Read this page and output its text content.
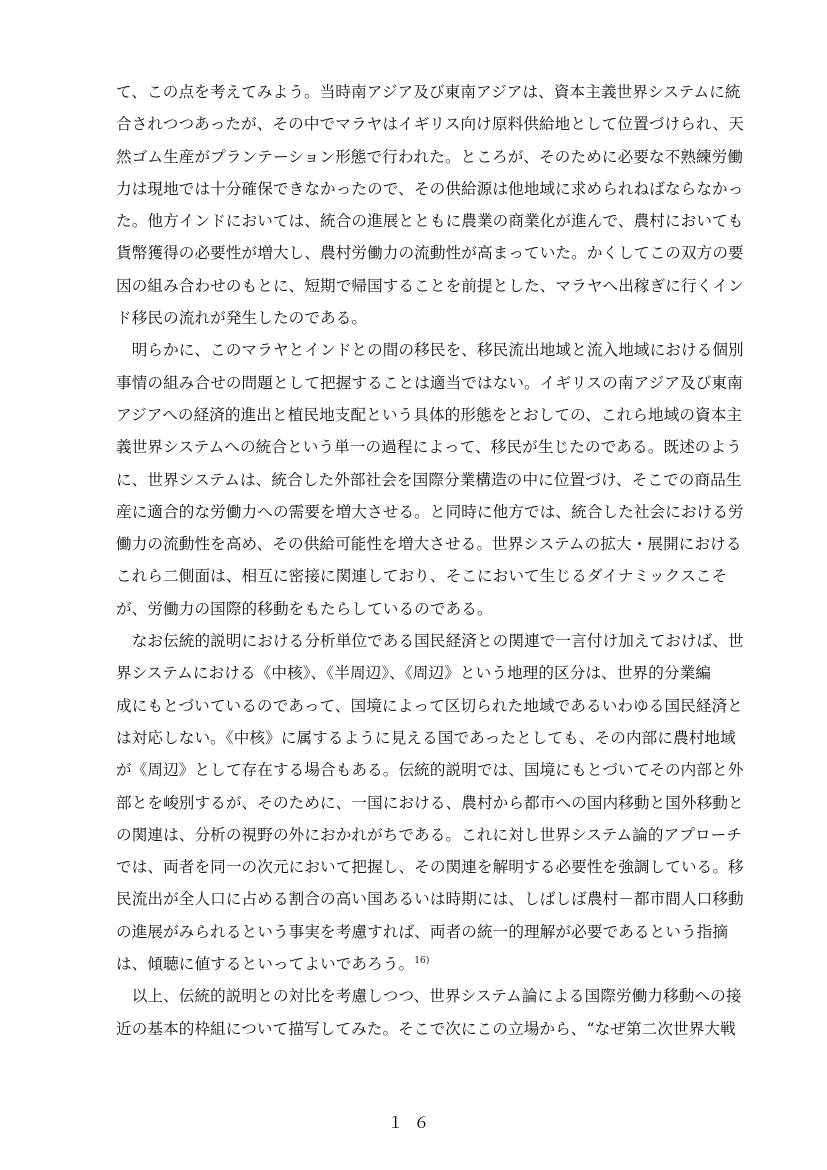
て、この点を考えてみよう。当時南アジア及び東南アジアは、資本主義世界システムに統
合されつつあったが、その中でマラヤはイギリス向け原料供給地として位置づけられ、天
然ゴム生産がプランテーション形態で行われた。ところが、そのために必要な不熟練労働
力は現地では十分確保できなかったので、その供給源は他地域に求められねばならなかっ
た。他方インドにおいては、統合の進展とともに農業の商業化が進んで、農村においても
貨幣獲得の必要性が増大し、農村労働力の流動性が高まっていた。かくしてこの双方の要
因の組み合わせのもとに、短期で帰国することを前提とした、マラヤへ出稼ぎに行くイン
ド移民の流れが発生したのである。
　明らかに、このマラヤとインドとの間の移民を、移民流出地域と流入地域における個別
事情の組み合せの問題として把握することは適当ではない。イギリスの南アジア及び東南
アジアへの経済的進出と植民地支配という具体的形態をとおしての、これら地域の資本主
義世界システムへの統合という単一の過程によって、移民が生じたのである。既述のよう
に、世界システムは、統合した外部社会を国際分業構造の中に位置づけ、そこでの商品生
産に適合的な労働力への需要を増大させる。と同時に他方では、統合した社会における労
働力の流動性を高め、その供給可能性を増大させる。世界システムの拡大・展開における
これら二側面は、相互に密接に関連しており、そこにおいて生じるダイナミックスこそ
が、労働力の国際的移動をもたらしているのである。
　なお伝統的説明における分析単位である国民経済との関連で一言付け加えておけば、世
界システムにおける《中核》、《半周辺》、《周辺》という地理的区分は、世界的分業編
成にもとづいているのであって、国境によって区切られた地域であるいわゆる国民経済と
は対応しない。《中核》に属するように見える国であったとしても、その内部に農村地域
が《周辺》として存在する場合もある。伝統的説明では、国境にもとづいてその内部と外
部とを峻別するが、そのために、一国における、農村から都市への国内移動と国外移動と
の関連は、分析の視野の外におかれがちである。これに対し世界システム論的アプローチ
では、両者を同一の次元において把握し、その関連を解明する必要性を強調している。移
民流出が全人口に占める割合の高い国あるいは時期には、しばしば農村－都市間人口移動
の進展がみられるという事実を考慮すれば、両者の統一的理解が必要であるという指摘
は、傾聴に値するといってよいであろう。$^{16)}$
　以上、伝統的説明との対比を考慮しつつ、世界システム論による国際労働力移動への接
近の基本的枠組について描写してみた。そこで次にこの立場から、“なぜ第二次世界大戦
１６
